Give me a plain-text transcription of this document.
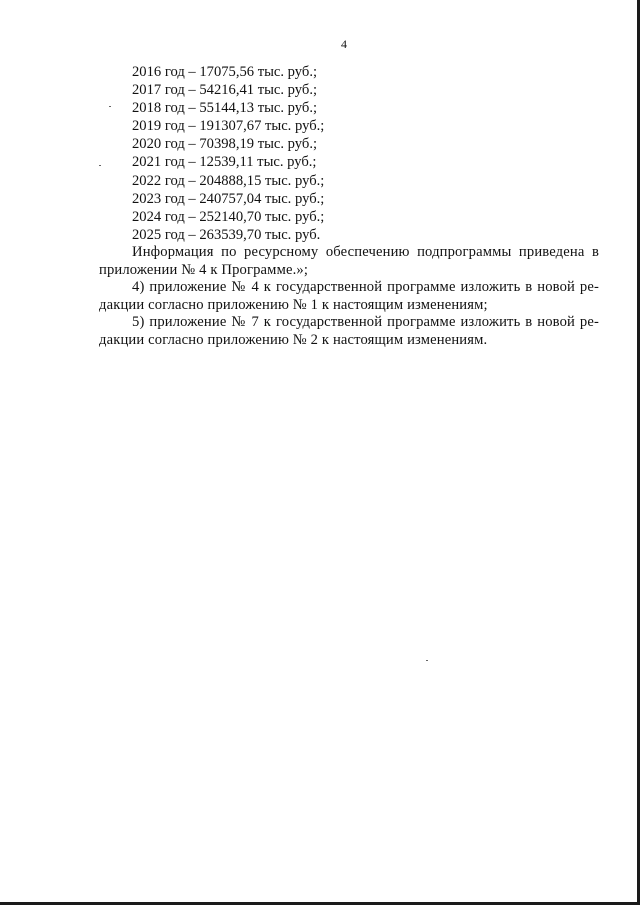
4
2016 год – 17075,56 тыс. руб.;
2017 год – 54216,41 тыс. руб.;
2018 год – 55144,13 тыс. руб.;
2019 год – 191307,67 тыс. руб.;
2020 год – 70398,19 тыс. руб.;
2021 год – 12539,11 тыс. руб.;
2022 год – 204888,15 тыс. руб.;
2023 год – 240757,04 тыс. руб.;
2024 год – 252140,70 тыс. руб.;
2025 год – 263539,70 тыс. руб.

Информация по ресурсному обеспечению подпрограммы приведена в приложении № 4 к Программе.»;

4) приложение № 4 к государственной программе изложить в новой ре-дакции согласно приложению № 1 к настоящим изменениям;

5) приложение № 7 к государственной программе изложить в новой ре-дакции согласно приложению № 2 к настоящим изменениям.
